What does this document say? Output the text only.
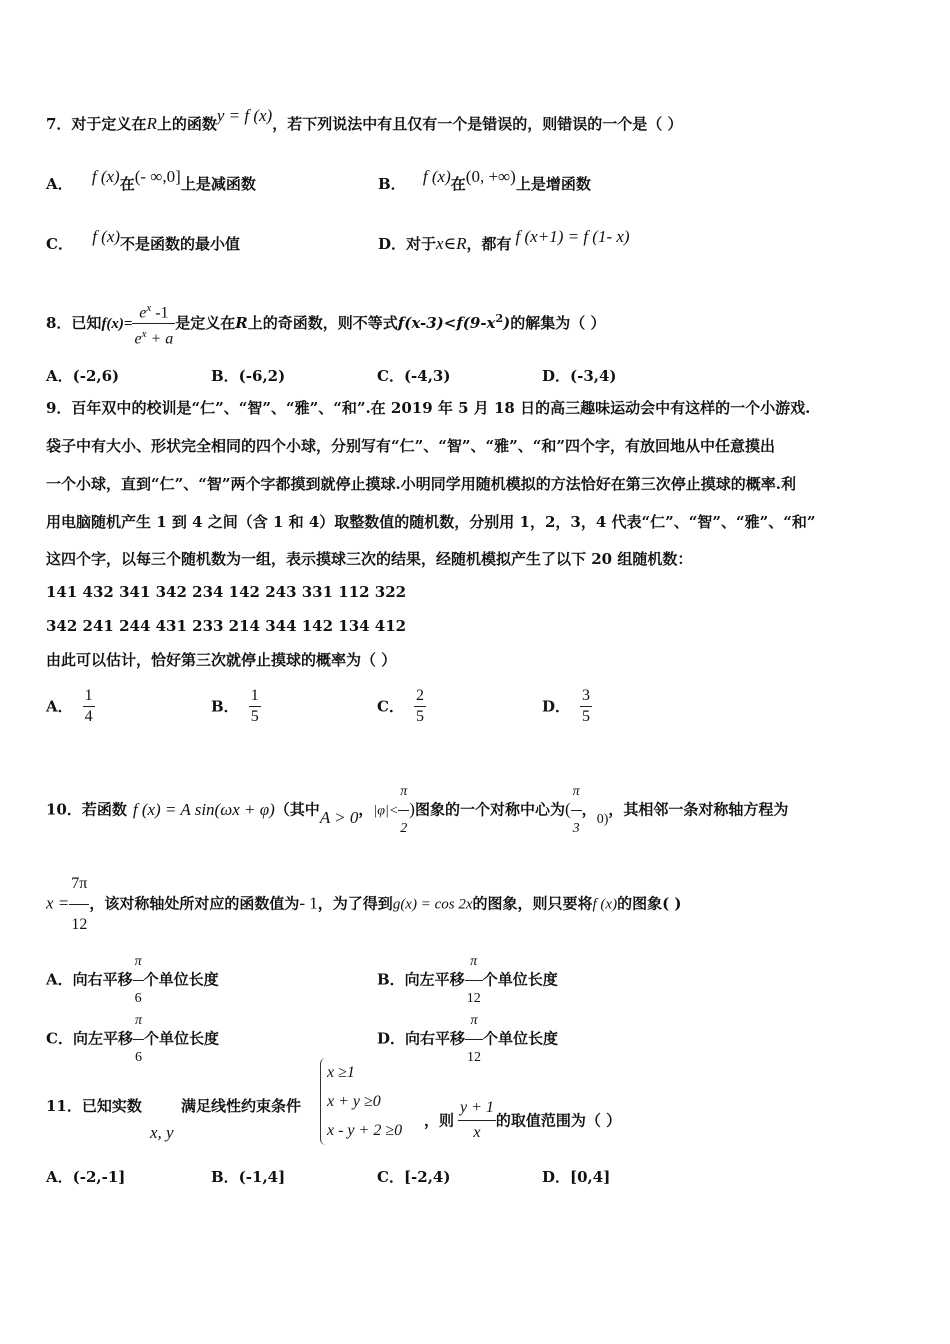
7．对于定义在R上的函数y = f (x)，若下列说法中有且仅有一个是错误的，则错误的一个是（ ）
A． f (x)在(- ∞,0]上是减函数	B． f (x)在(0, +∞)上是增函数
C． f (x)不是函数的最小值	D．对于x∈R，都有 f (x+1) = f (1- x)
8．已知$f(x)= \frac{e^x -1}{e^x + a}$ 是定义在R上的奇函数，则不等式$f(x-3)<f(9-x^2)$的解集为（ ）
A．(-2,6)	B．(-6,2)	C．(-4,3)	D．(-3,4)
9．百年双中的校训是“仁”、“智”、“雅”、“和”.在 2019 年 5 月 18 日的高三趣味运动会中有这样的一个小游戏.
袋子中有大小、形状完全相同的四个小球，分别写有“仁”、“智”、“雅”、“和”四个字，有放回地从中任意摸出
一个小球，直到“仁”、“智”两个字都摸到就停止摸球.小明同学用随机模拟的方法恰好在第三次停止摸球的概率.利
用电脑随机产生 1 到 4 之间（含 1 和 4）取整数值的随机数，分别用 1，2，3，4 代表“仁”、“智”、“雅”、“和”
这四个字，以每三个随机数为一组，表示摸球三次的结果，经随机模拟产生了以下 20 组随机数：
141 432 341 342 234 142 243 331 112 322
342 241 244 431 233 214 344 142 134 412
由此可以估计，恰好第三次就停止摸球的概率为（ ）
A． $\frac{1}{4}$	B． $\frac{1}{5}$	C． $\frac{2}{5}$	D． $\frac{3}{5}$
10．若函数 f (x) = A sin(ωx + φ)（其中A > 0，$|\varphi|< \frac{\pi}{2}$ )图象的一个对称中心为( $\frac{\pi}{3}$ ，0)，其相邻一条对称轴方程为
$x = \frac{7\pi}{12}$ ，该对称轴处所对应的函数值为- 1，为了得到g(x) = cos 2x的图象，则只要将f (x)的图象( )
A．向右平移 $\frac{\pi}{6}$ 个单位长度	B．向左平移 $\frac{\pi}{12}$ 个单位长度
C．向左平移 $\frac{\pi}{6}$ 个单位长度	D．向右平移 $\frac{\pi}{12}$ 个单位长度
11．已知实数
x, y
满足线性约束条件
x ≥1
x + y ≥0
x - y + 2 ≥0
，则 $\frac{y + 1}{x}$ 的取值范围为（ ）
A．(-2,-1]	B．(-1,4]	C．[-2,4)	D．[0,4]
